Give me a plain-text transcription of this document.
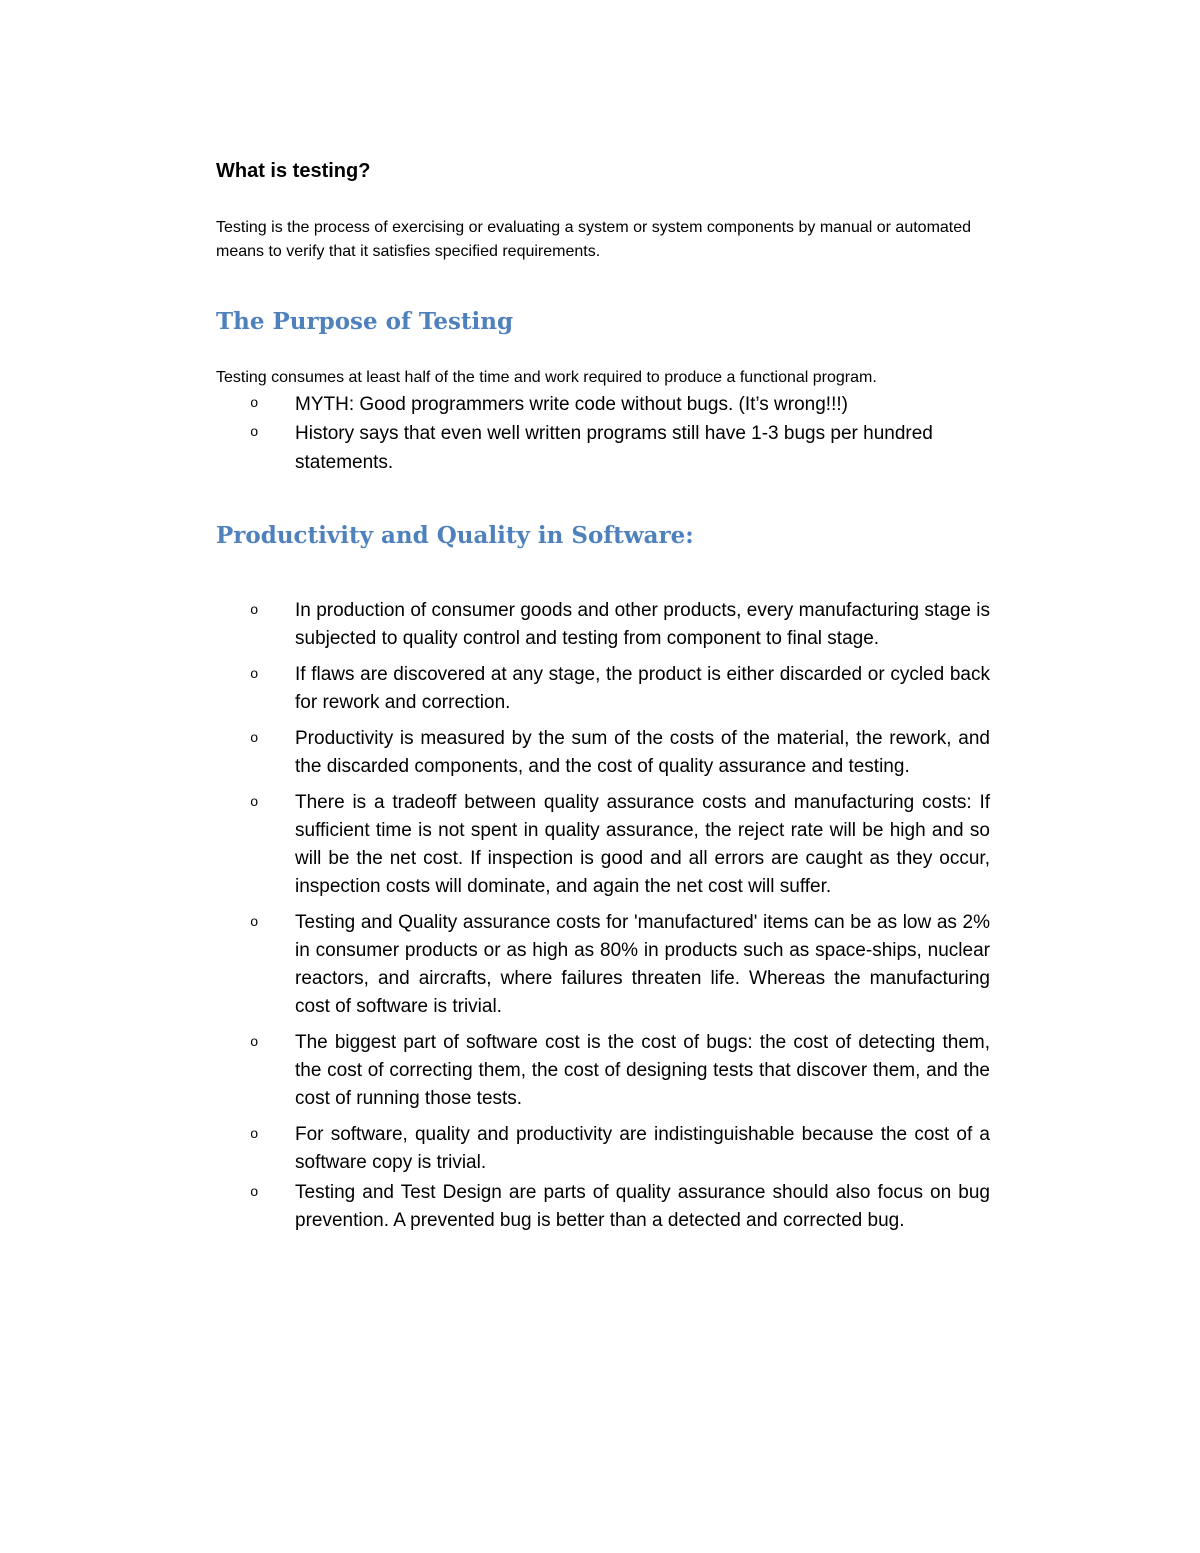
What is testing?

Testing is the process of exercising or evaluating a system or system components by manual or automated means to verify that it satisfies specified requirements.

The Purpose of Testing

Testing consumes at least half of the time and work required to produce a functional program.

o MYTH: Good programmers write code without bugs. (It’s wrong!!!)
o History says that even well written programs still have 1-3 bugs per hundred statements.
Productivity and Quality in Software:
o In production of consumer goods and other products, every manufacturing stage is subjected to quality control and testing from component to final stage.
o If flaws are discovered at any stage, the product is either discarded or cycled back for rework and correction.
o Productivity is measured by the sum of the costs of the material, the rework, and the discarded components, and the cost of quality assurance and testing.
o There is a tradeoff between quality assurance costs and manufacturing costs: If sufficient time is not spent in quality assurance, the reject rate will be high and so will be the net cost. If inspection is good and all errors are caught as they occur, inspection costs will dominate, and again the net cost will suffer.
o Testing and Quality assurance costs for 'manufactured' items can be as low as 2% in consumer products or as high as 80% in products such as space-ships, nuclear reactors, and aircrafts, where failures threaten life. Whereas the manufacturing cost of software is trivial.
o The biggest part of software cost is the cost of bugs: the cost of detecting them, the cost of correcting them, the cost of designing tests that discover them, and the cost of running those tests.
o For software, quality and productivity are indistinguishable because the cost of a software copy is trivial.
o Testing and Test Design are parts of quality assurance should also focus on bug prevention. A prevented bug is better than a detected and corrected bug.
